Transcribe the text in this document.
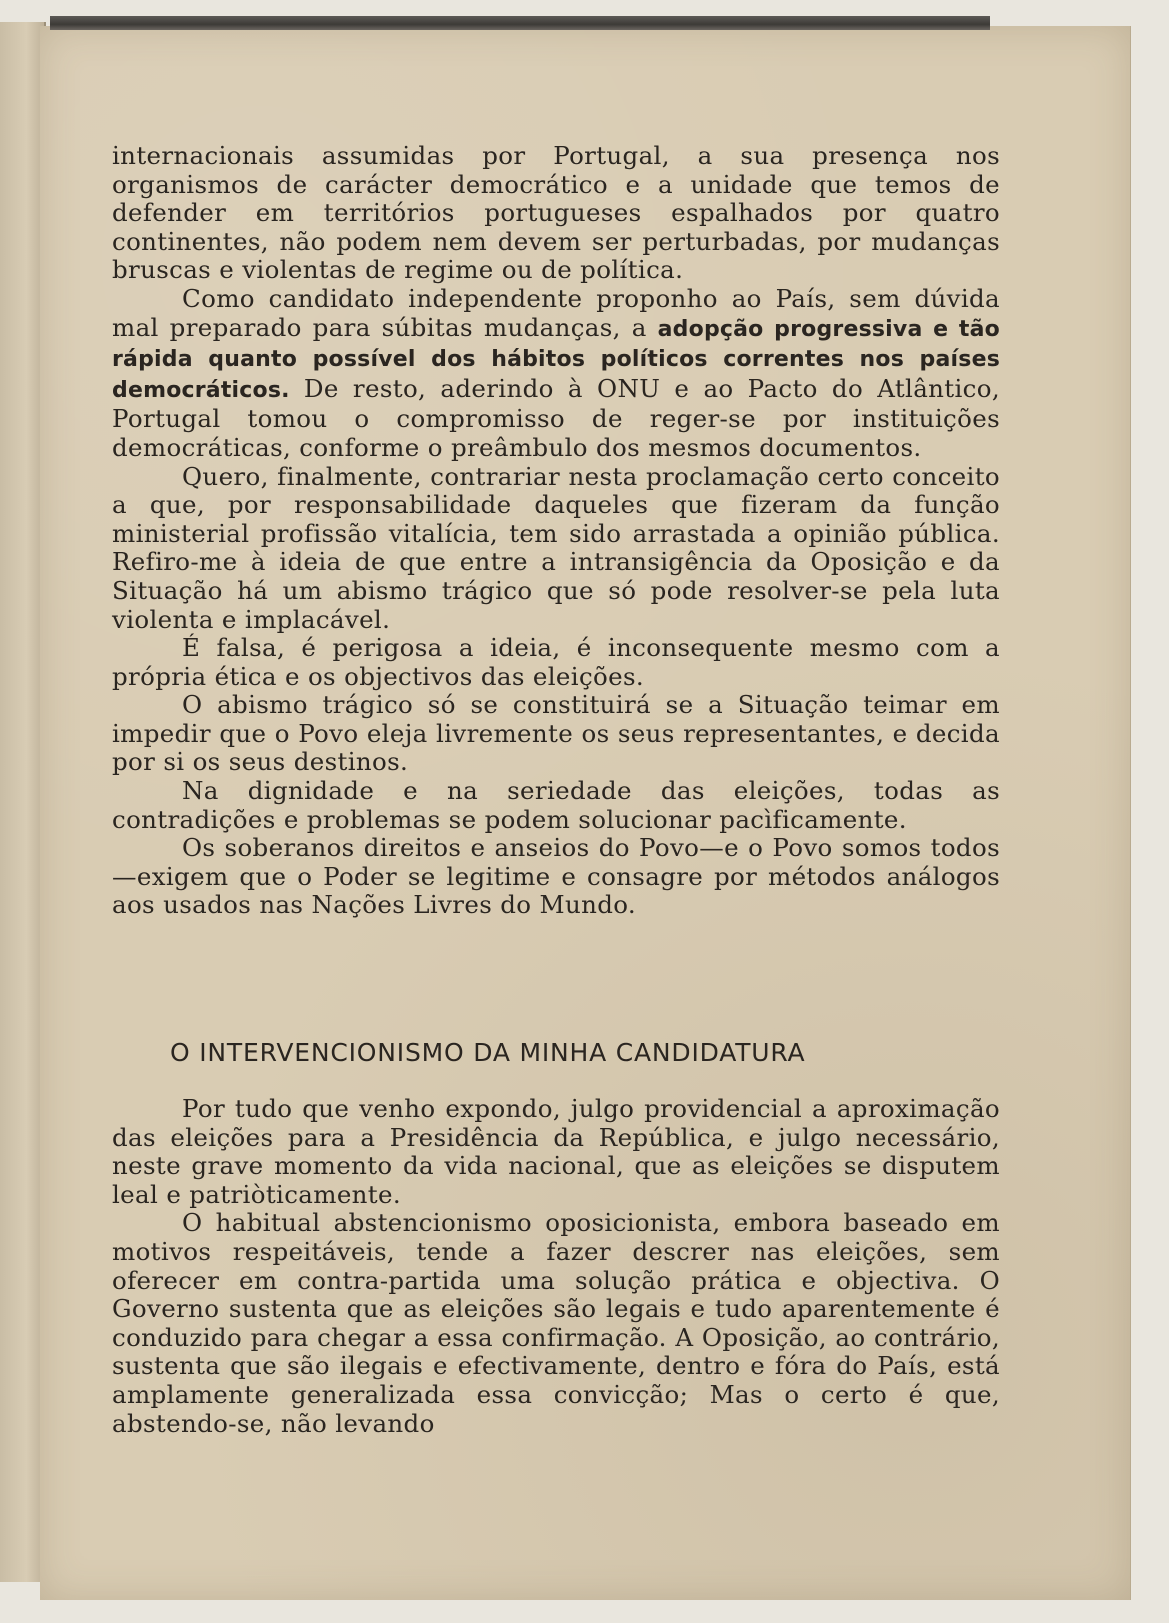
internacionais assumidas por Portugal, a sua presença nos organismos de carácter democrático e a unidade que temos de defender em territórios portugueses espalhados por quatro continentes, não podem nem devem ser perturbadas, por mudanças bruscas e violentas de regime ou de política.

Como candidato independente proponho ao País, sem dúvida mal preparado para súbitas mudanças, a adopção progressiva e tão rápida quanto possível dos hábitos políticos correntes nos países democráticos. De resto, aderindo à ONU e ao Pacto do Atlântico, Portugal tomou o compromisso de reger-se por instituições democráticas, conforme o preâmbulo dos mesmos documentos.

Quero, finalmente, contrariar nesta proclamação certo conceito a que, por responsabilidade daqueles que fizeram da função ministerial profissão vitalícia, tem sido arrastada a opinião pública. Refiro-me à ideia de que entre a intransigência da Oposição e da Situação há um abismo trágico que só pode resolver-se pela luta violenta e implacável.

É falsa, é perigosa a ideia, é inconsequente mesmo com a própria ética e os objectivos das eleições.

O abismo trágico só se constituirá se a Situação teimar em impedir que o Povo eleja livremente os seus representantes, e decida por si os seus destinos.

Na dignidade e na seriedade das eleições, todas as contradições e problemas se podem solucionar pacìficamente.

Os soberanos direitos e anseios do Povo—e o Povo somos todos—exigem que o Poder se legitime e consagre por métodos análogos aos usados nas Nações Livres do Mundo.

O INTERVENCIONISMO DA MINHA CANDIDATURA

Por tudo que venho expondo, julgo providencial a aproximação das eleições para a Presidência da República, e julgo necessário, neste grave momento da vida nacional, que as eleições se disputem leal e patriòticamente.

O habitual abstencionismo oposicionista, embora baseado em motivos respeitáveis, tende a fazer descrer nas eleições, sem oferecer em contra-partida uma solução prática e objectiva. O Governo sustenta que as eleições são legais e tudo aparentemente é conduzido para chegar a essa confirmação. A Oposição, ao contrário, sustenta que são ilegais e efectivamente, dentro e fóra do País, está amplamente generalizada essa convicção; Mas o certo é que, abstendo-se, não levando
